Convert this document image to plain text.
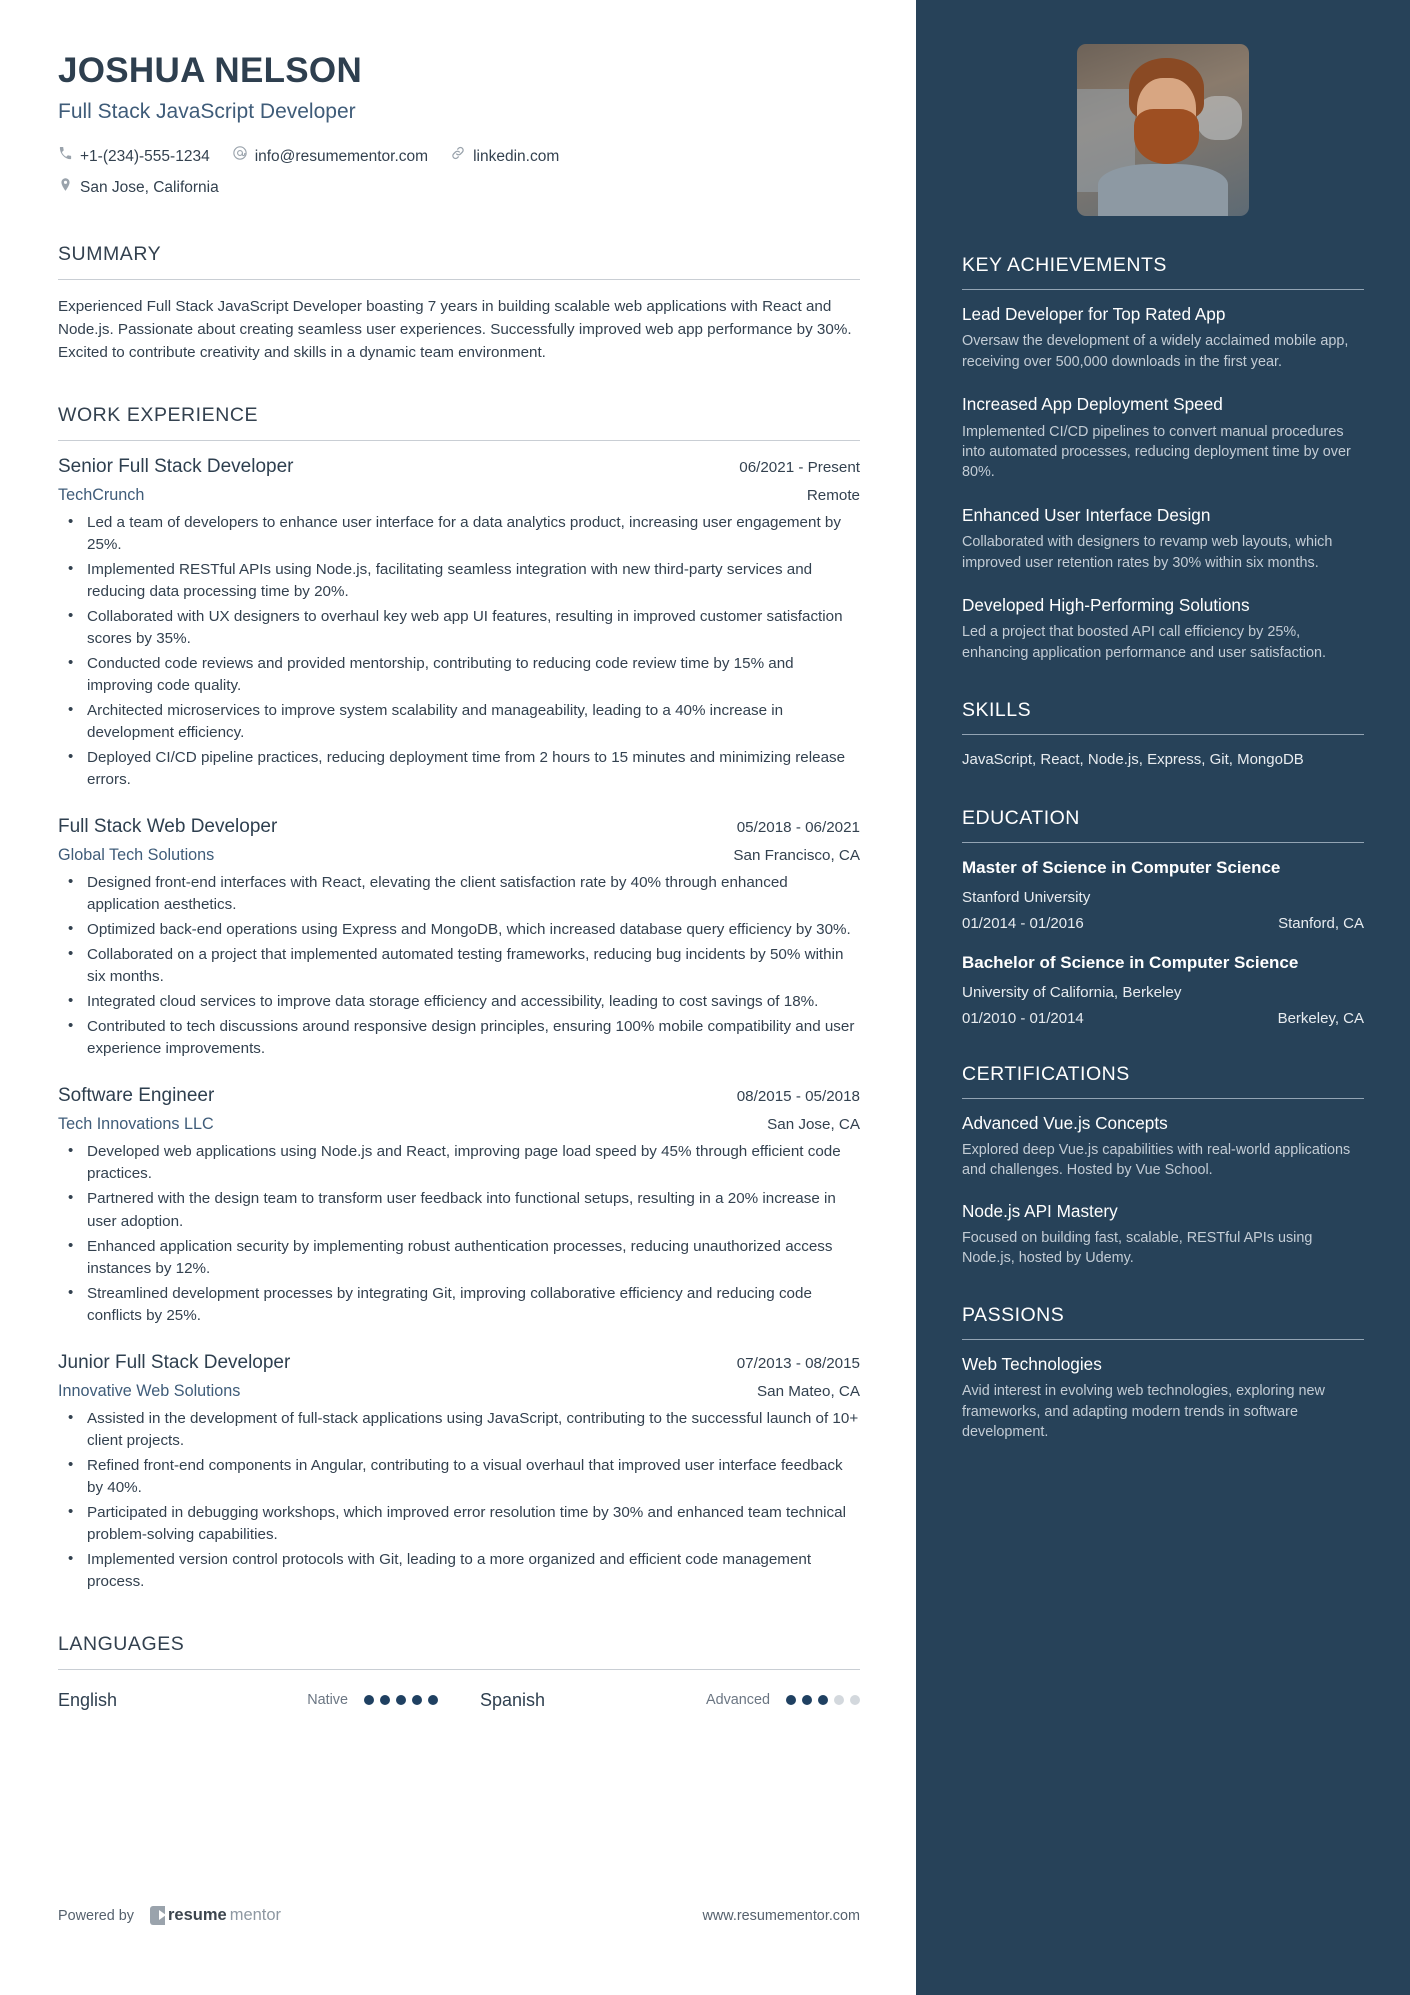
JOSHUA NELSON
Full Stack JavaScript Developer
+1-(234)-555-1234	info@resumementor.com	linkedin.com
San Jose, California
SUMMARY
Experienced Full Stack JavaScript Developer boasting 7 years in building scalable web applications with React and Node.js. Passionate about creating seamless user experiences. Successfully improved web app performance by 30%. Excited to contribute creativity and skills in a dynamic team environment.
WORK EXPERIENCE
Senior Full Stack Developer	06/2021 - Present
TechCrunch	Remote
• Led a team of developers to enhance user interface for a data analytics product, increasing user engagement by 25%.
• Implemented RESTful APIs using Node.js, facilitating seamless integration with new third-party services and reducing data processing time by 20%.
• Collaborated with UX designers to overhaul key web app UI features, resulting in improved customer satisfaction scores by 35%.
• Conducted code reviews and provided mentorship, contributing to reducing code review time by 15% and improving code quality.
• Architected microservices to improve system scalability and manageability, leading to a 40% increase in development efficiency.
• Deployed CI/CD pipeline practices, reducing deployment time from 2 hours to 15 minutes and minimizing release errors.
Full Stack Web Developer	05/2018 - 06/2021
Global Tech Solutions	San Francisco, CA
• Designed front-end interfaces with React, elevating the client satisfaction rate by 40% through enhanced application aesthetics.
• Optimized back-end operations using Express and MongoDB, which increased database query efficiency by 30%.
• Collaborated on a project that implemented automated testing frameworks, reducing bug incidents by 50% within six months.
• Integrated cloud services to improve data storage efficiency and accessibility, leading to cost savings of 18%.
• Contributed to tech discussions around responsive design principles, ensuring 100% mobile compatibility and user experience improvements.
Software Engineer	08/2015 - 05/2018
Tech Innovations LLC	San Jose, CA
• Developed web applications using Node.js and React, improving page load speed by 45% through efficient code practices.
• Partnered with the design team to transform user feedback into functional setups, resulting in a 20% increase in user adoption.
• Enhanced application security by implementing robust authentication processes, reducing unauthorized access instances by 12%.
• Streamlined development processes by integrating Git, improving collaborative efficiency and reducing code conflicts by 25%.
Junior Full Stack Developer	07/2013 - 08/2015
Innovative Web Solutions	San Mateo, CA
• Assisted in the development of full-stack applications using JavaScript, contributing to the successful launch of 10+ client projects.
• Refined front-end components in Angular, contributing to a visual overhaul that improved user interface feedback by 40%.
• Participated in debugging workshops, which improved error resolution time by 30% and enhanced team technical problem-solving capabilities.
• Implemented version control protocols with Git, leading to a more organized and efficient code management process.
LANGUAGES
English	Native	Spanish	Advanced
Powered by resume mentor	www.resumementor.com
KEY ACHIEVEMENTS
Lead Developer for Top Rated App
Oversaw the development of a widely acclaimed mobile app, receiving over 500,000 downloads in the first year.
Increased App Deployment Speed
Implemented CI/CD pipelines to convert manual procedures into automated processes, reducing deployment time by over 80%.
Enhanced User Interface Design
Collaborated with designers to revamp web layouts, which improved user retention rates by 30% within six months.
Developed High-Performing Solutions
Led a project that boosted API call efficiency by 25%, enhancing application performance and user satisfaction.
SKILLS
JavaScript, React, Node.js, Express, Git, MongoDB
EDUCATION
Master of Science in Computer Science
Stanford University
01/2014 - 01/2016	Stanford, CA
Bachelor of Science in Computer Science
University of California, Berkeley
01/2010 - 01/2014	Berkeley, CA
CERTIFICATIONS
Advanced Vue.js Concepts
Explored deep Vue.js capabilities with real-world applications and challenges. Hosted by Vue School.
Node.js API Mastery
Focused on building fast, scalable, RESTful APIs using Node.js, hosted by Udemy.
PASSIONS
Web Technologies
Avid interest in evolving web technologies, exploring new frameworks, and adapting modern trends in software development.
